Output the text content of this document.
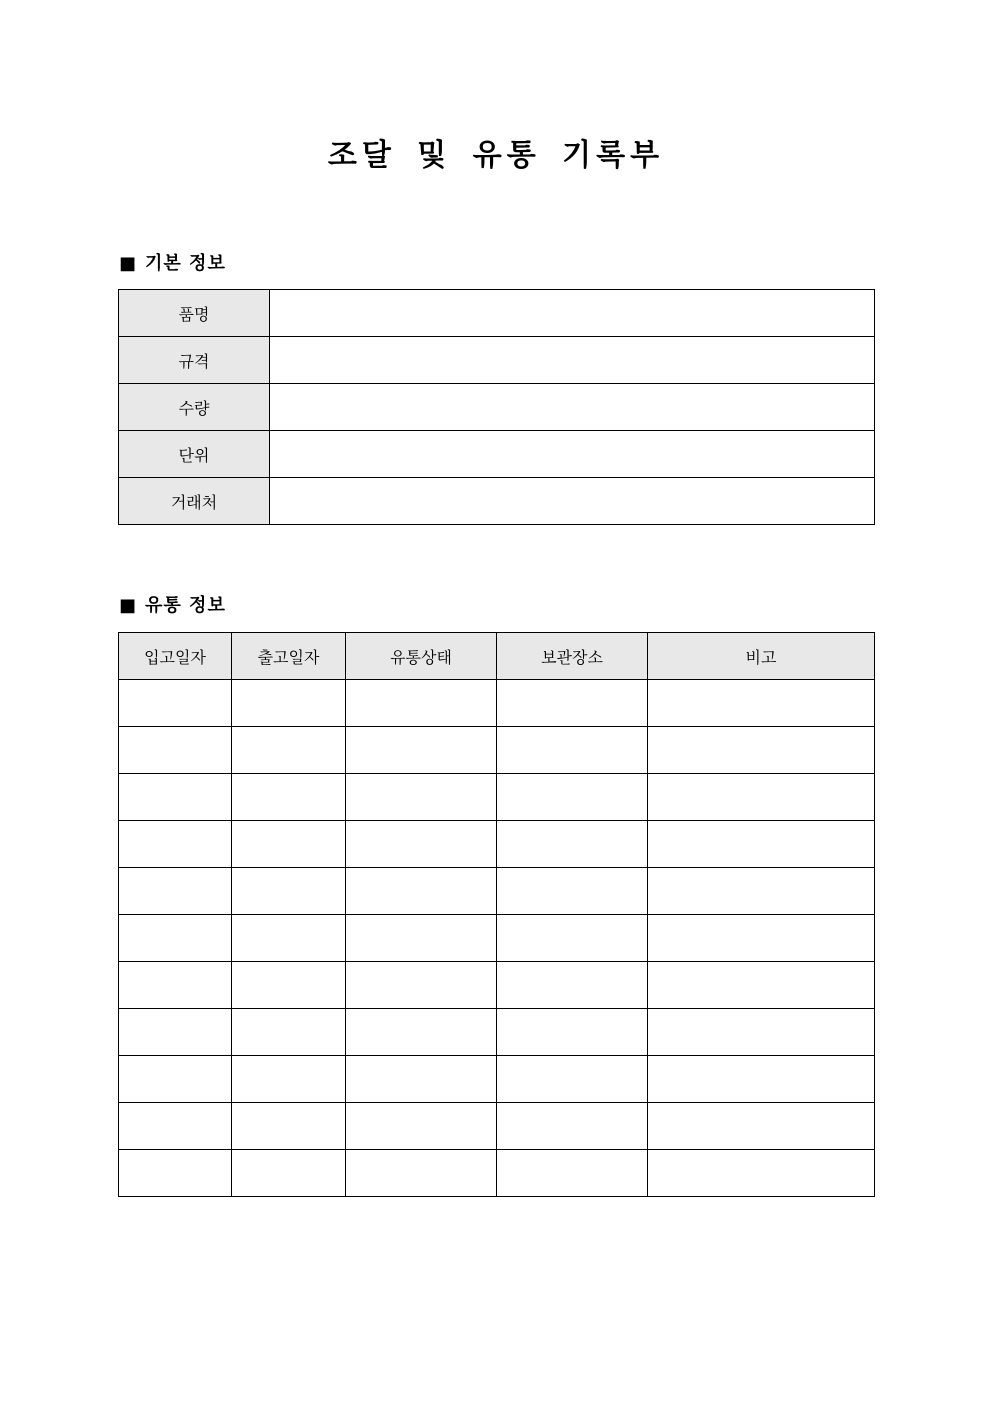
조달 및 유통 기록부
■ 기본 정보
품명	
규격	
수량	
단위	
거래처	
■ 유통 정보
입고일자	출고일자	유통상태	보관장소	비고
